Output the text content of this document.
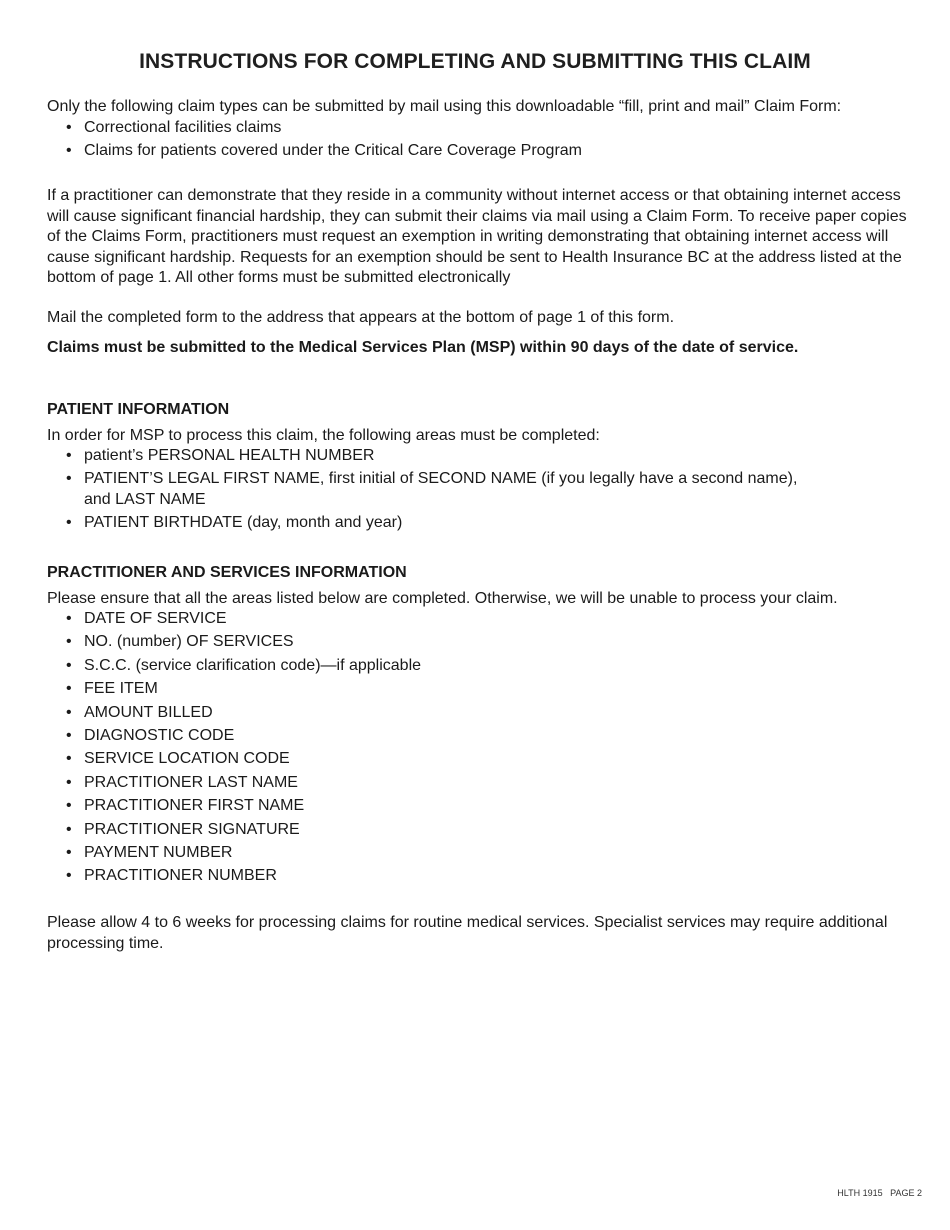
INSTRUCTIONS FOR COMPLETING AND SUBMITTING THIS CLAIM

Only the following claim types can be submitted by mail using this downloadable “fill, print and mail” Claim Form:

• Correctional facilities claims
• Claims for patients covered under the Critical Care Coverage Program

If a practitioner can demonstrate that they reside in a community without internet access or that obtaining internet access will cause significant financial hardship, they can submit their claims via mail using a Claim Form. To receive paper copies of the Claims Form, practitioners must request an exemption in writing demonstrating that obtaining internet access will cause significant hardship. Requests for an exemption should be sent to Health Insurance BC at the address listed at the bottom of page 1. All other forms must be submitted electronically

Mail the completed form to the address that appears at the bottom of page 1 of this form.

Claims must be submitted to the Medical Services Plan (MSP) within 90 days of the date of service.

PATIENT INFORMATION

In order for MSP to process this claim, the following areas must be completed:

• patient’s PERSONAL HEALTH NUMBER
• PATIENT’S LEGAL FIRST NAME, first initial of SECOND NAME (if you legally have a second name), and LAST NAME
• PATIENT BIRTHDATE (day, month and year)

PRACTITIONER AND SERVICES INFORMATION

Please ensure that all the areas listed below are completed. Otherwise, we will be unable to process your claim.

• DATE OF SERVICE
• NO. (number) OF SERVICES
• S.C.C. (service clarification code)—if applicable
• FEE ITEM
• AMOUNT BILLED
• DIAGNOSTIC CODE
• SERVICE LOCATION CODE
• PRACTITIONER LAST NAME
• PRACTITIONER FIRST NAME
• PRACTITIONER SIGNATURE
• PAYMENT NUMBER
• PRACTITIONER NUMBER

Please allow 4 to 6 weeks for processing claims for routine medical services. Specialist services may require additional processing time.

HLTH 1915 PAGE 2
